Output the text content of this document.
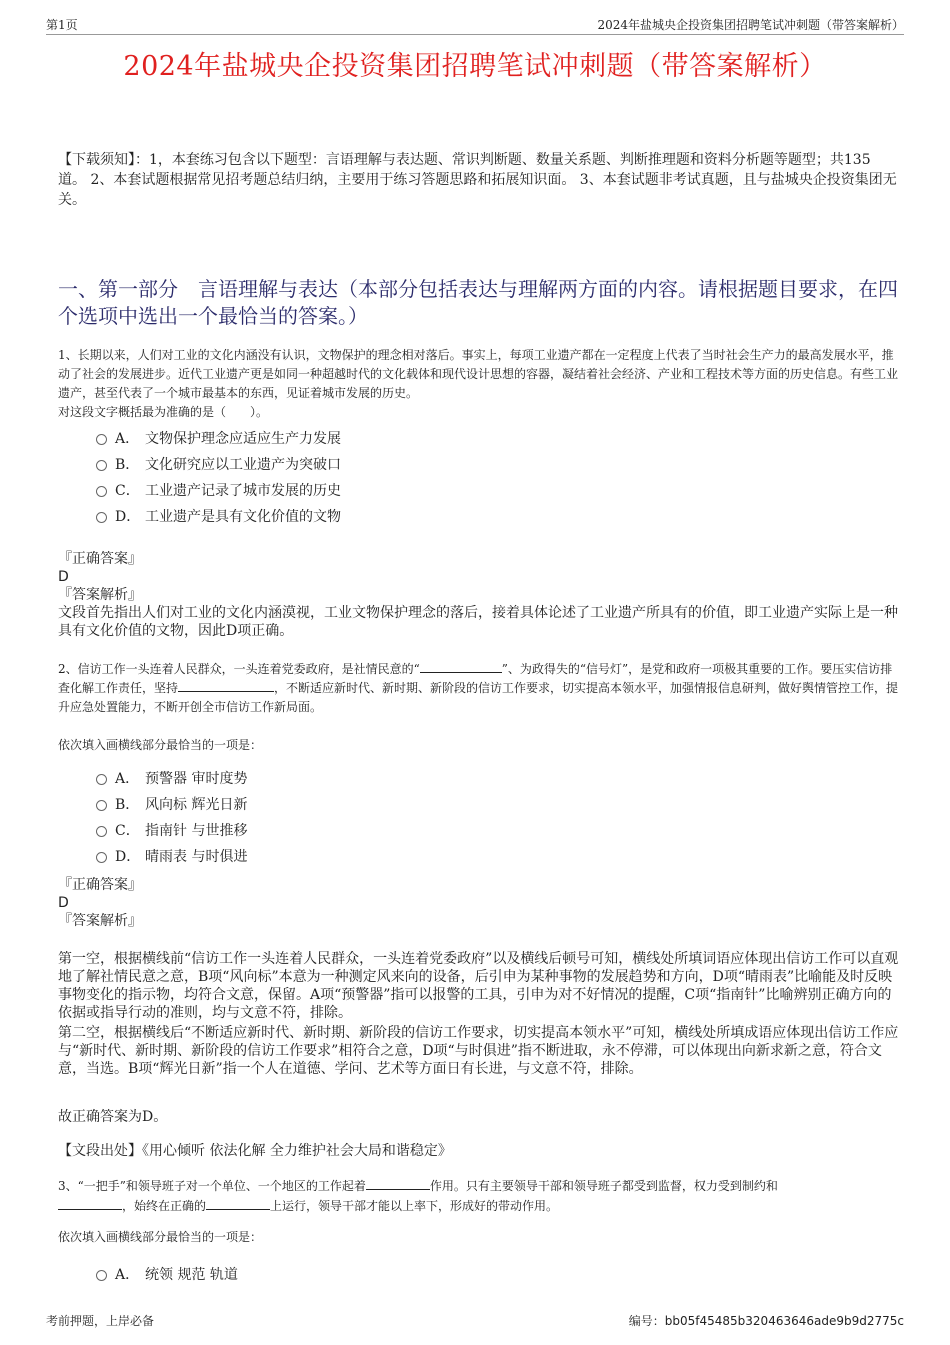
第1页	2024年盐城央企投资集团招聘笔试冲刺题（带答案解析）
2024年盐城央企投资集团招聘笔试冲刺题（带答案解析）
【下载须知】：1，本套练习包含以下题型：言语理解与表达题、常识判断题、数量关系题、判断推理题和资料分析题等题型；共135道。 2、本套试题根据常见招考题总结归纳，主要用于练习答题思路和拓展知识面。 3、本套试题非考试真题，且与盐城央企投资集团无关。
一、第一部分　言语理解与表达（本部分包括表达与理解两方面的内容。请根据题目要求，在四个选项中选出一个最恰当的答案。）
1、长期以来，人们对工业的文化内涵没有认识，文物保护的理念相对落后。事实上，每项工业遗产都在一定程度上代表了当时社会生产力的最高发展水平，推动了社会的发展进步。近代工业遗产更是如同一种超越时代的文化载体和现代设计思想的容器，凝结着社会经济、产业和工程技术等方面的历史信息。有些工业遗产，甚至代表了一个城市最基本的东西，见证着城市发展的历史。
对这段文字概括最为准确的是（　　）。
A． 文物保护理念应适应生产力发展
B． 文化研究应以工业遗产为突破口
C． 工业遗产记录了城市发展的历史
D． 工业遗产是具有文化价值的文物
『正确答案』
D
『答案解析』
文段首先指出人们对工业的文化内涵漠视，工业文物保护理念的落后，接着具体论述了工业遗产所具有的价值，即工业遗产实际上是一种具有文化价值的文物，因此D项正确。
2、信访工作一头连着人民群众，一头连着党委政府，是社情民意的“	”、为政得失的“信号灯”，是党和政府一项极其重要的工作。要压实信访排查化解工作责任，坚持	，不断适应新时代、新时期、新阶段的信访工作要求，切实提高本领水平，加强情报信息研判，做好舆情管控工作，提升应急处置能力，不断开创全市信访工作新局面。
依次填入画横线部分最恰当的一项是：
A． 预警器 审时度势
B． 风向标 辉光日新
C． 指南针 与世推移
D． 晴雨表 与时俱进
『正确答案』
D
『答案解析』
第一空，根据横线前“信访工作一头连着人民群众，一头连着党委政府”以及横线后顿号可知，横线处所填词语应体现出信访工作可以直观地了解社情民意之意，B项“风向标”本意为一种测定风来向的设备，后引申为某种事物的发展趋势和方向，D项“晴雨表”比喻能及时反映事物变化的指示物，均符合文意，保留。A项“预警器”指可以报警的工具，引申为对不好情况的提醒，C项“指南针”比喻辨别正确方向的依据或指导行动的准则，均与文意不符，排除。
第二空，根据横线后“不断适应新时代、新时期、新阶段的信访工作要求，切实提高本领水平”可知，横线处所填成语应体现出信访工作应与“新时代、新时期、新阶段的信访工作要求”相符合之意，D项“与时俱进”指不断进取，永不停滞，可以体现出向新求新之意，符合文意，当选。B项“辉光日新”指一个人在道德、学问、艺术等方面日有长进，与文意不符，排除。
故正确答案为D。
【文段出处】《用心倾听 依法化解 全力维护社会大局和谐稳定》
3、“一把手”和领导班子对一个单位、一个地区的工作起着	作用。只有主要领导干部和领导班子都受到监督，权力受到制约和
，始终在正确的	上运行，领导干部才能以上率下，形成好的带动作用。
依次填入画横线部分最恰当的一项是：
A． 统领 规范 轨道
考前押题，上岸必备	编号：bb05f45485b320463646ade9b9d2775c
